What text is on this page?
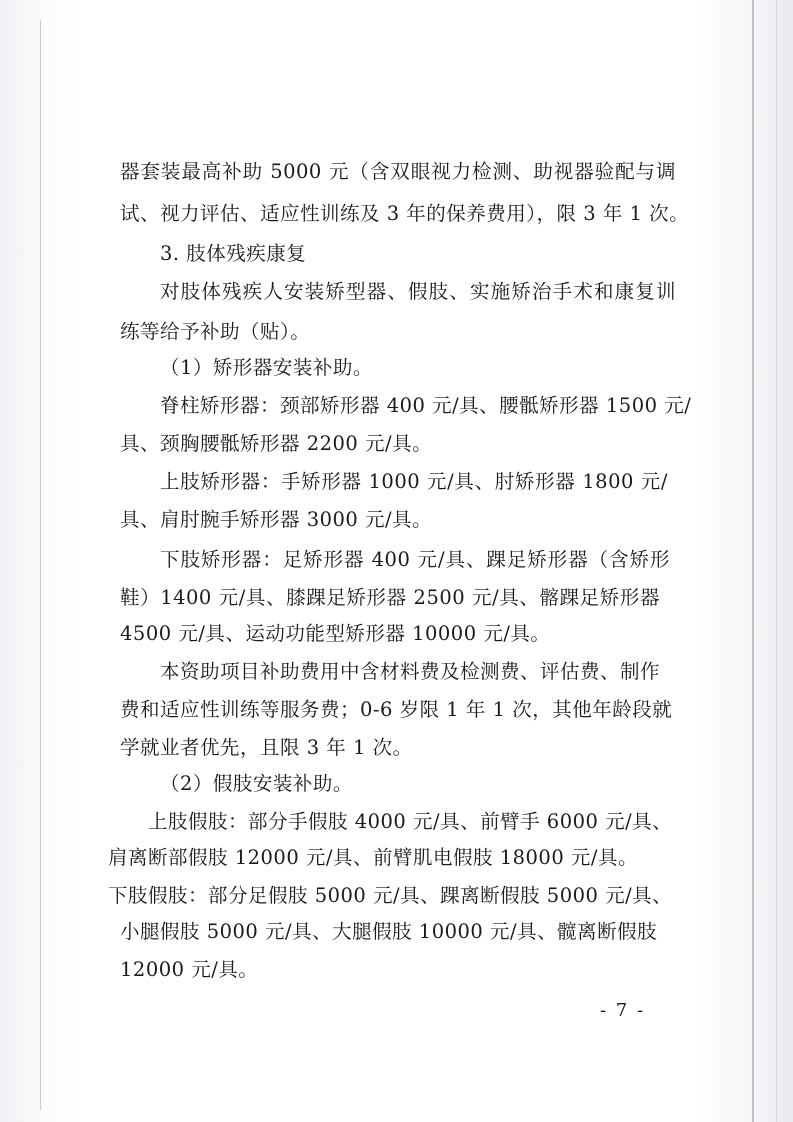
器套装最高补助 5000 元（含双眼视力检测、助视器验配与调
试、视力评估、适应性训练及 3 年的保养费用），限 3 年 1 次。
3. 肢体残疾康复
对肢体残疾人安装矫型器、假肢、实施矫治手术和康复训
练等给予补助（贴）。
（1）矫形器安装补助。
脊柱矫形器：颈部矫形器 400 元/具、腰骶矫形器 1500 元/
具、颈胸腰骶矫形器 2200 元/具。
上肢矫形器：手矫形器 1000 元/具、肘矫形器 1800 元/
具、肩肘腕手矫形器 3000 元/具。
下肢矫形器：足矫形器 400 元/具、踝足矫形器（含矫形
鞋）1400 元/具、膝踝足矫形器 2500 元/具、髂踝足矫形器
4500 元/具、运动功能型矫形器 10000 元/具。
本资助项目补助费用中含材料费及检测费、评估费、制作
费和适应性训练等服务费；0-6 岁限 1 年 1 次，其他年龄段就
学就业者优先，且限 3 年 1 次。
（2）假肢安装补助。
上肢假肢：部分手假肢 4000 元/具、前臂手 6000 元/具、
肩离断部假肢 12000 元/具、前臂肌电假肢 18000 元/具。
下肢假肢：部分足假肢 5000 元/具、踝离断假肢 5000 元/具、
小腿假肢 5000 元/具、大腿假肢 10000 元/具、髋离断假肢
12000 元/具。
- 7 -
